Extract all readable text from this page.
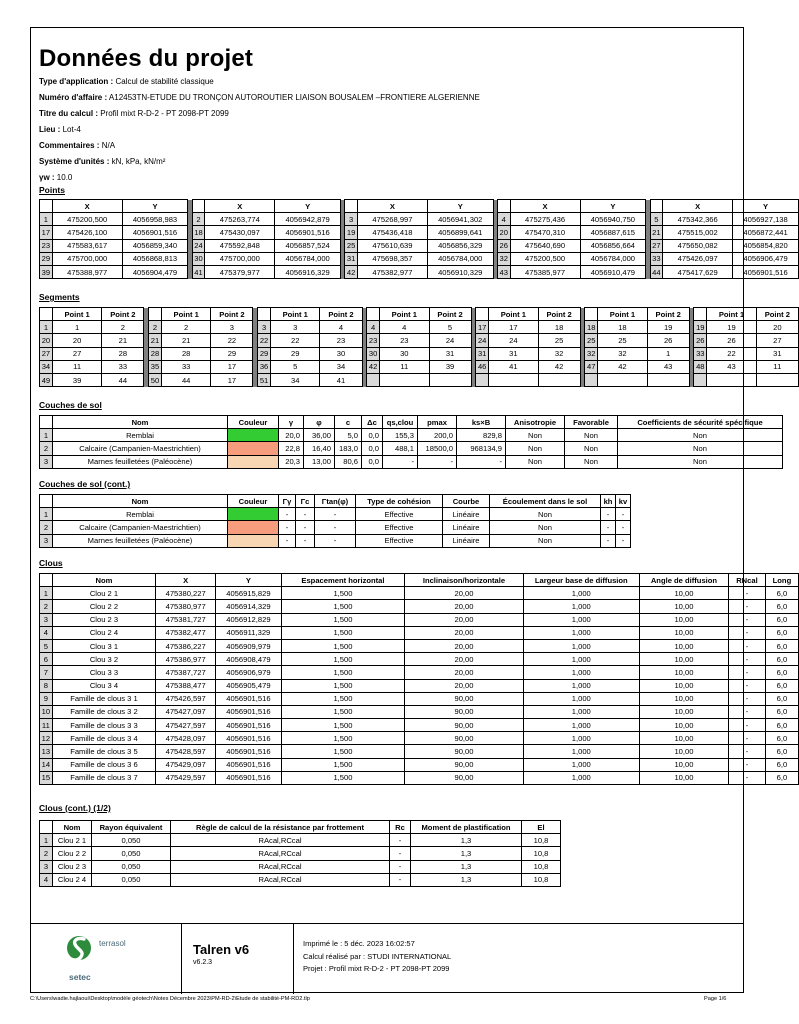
Données du projet
Type d'application : Calcul de stabilité classique
Numéro d'affaire : A12453TN-ETUDE DU TRONÇON AUTOROUTIER LIAISON BOUSALEM –FRONTIERE ALGERIENNE
Titre du calcul : Profil mixt R-D-2 - PT 2098-PT 2099
Lieu : Lot-4
Commentaires : N/A
Système d'unités : kN, kPa, kN/m²
γw : 10.0
Points
	X	Y			X	Y			X	Y			X	Y			X	Y
1	475200,500	4056958,983		2	475263,774	4056942,879		3	475268,997	4056941,302		4	475275,436	4056940,750		5	475342,366	4056927,138
17	475426,100	4056901,516		18	475430,097	4056901,516		19	475436,418	4056899,641		20	475470,310	4056887,615		21	475515,002	4056872,441
23	475583,617	4056859,340		24	475592,848	4056857,524		25	475610,639	4056856,329		26	475640,690	4056856,664		27	475650,082	4056854,820
29	475700,000	4056868,813		30	475700,000	4056784,000		31	475698,357	4056784,000		32	475200,500	4056784,000		33	475426,097	4056906,479
39	475388,977	4056904,479		41	475379,977	4056916,329		42	475382,977	4056910,329		43	475385,977	4056910,479		44	475417,629	4056901,516
Segments
	Point 1	Point 2			Point 1	Point 2			Point 1	Point 2			Point 1	Point 2			Point 1	Point 2			Point 1	Point 2			Point 1	Point 2
1	1	2		2	2	3		3	3	4		4	4	5		17	17	18		18	18	19		19	19	20
20	20	21		21	21	22		22	22	23		23	23	24		24	24	25		25	25	26		26	26	27
27	27	28		28	28	29		29	29	30		30	30	31		31	31	32		32	32	1		33	22	31
34	11	33		35	33	17		36	5	34		42	11	39		46	41	42		47	42	43		48	43	11
49	39	44		50	44	17		51	34	41																
Couches de sol
	Nom	Couleur	γ	φ	c	Δc	qs,clou	pmax	ks×B	Anisotropie	Favorable	Coefficients de sécurité spécifique
1	Remblai		20,0	36,00	5,0	0,0	155,3	200,0	829,8	Non	Non	Non
2	Calcaire (Campanien-Maestrichtien)		22,8	16,40	183,0	0,0	488,1	18500,0	968134,9	Non	Non	Non
3	Marnes feuilletées (Paléocène)		20,3	13,00	80,6	0,0	-	-	-	Non	Non	Non
Couches de sol (cont.)
	Nom	Couleur	Γγ	Γc	Γtan(φ)	Type de cohésion	Courbe	Écoulement dans le sol	kh	kv
1	Remblai		-	-	-	Effective	Linéaire	Non	-	-
2	Calcaire (Campanien-Maestrichtien)		-	-	-	Effective	Linéaire	Non	-	-
3	Marnes feuilletées (Paléocène)		-	-	-	Effective	Linéaire	Non	-	-
Clous
	Nom	X	Y	Espacement horizontal	Inclinaison/horizontale	Largeur base de diffusion	Angle de diffusion	RNcal	Long
1	Clou 2 1	475380,227	4056915,829	1,500	20,00	1,000	10,00	-	6,0
2	Clou 2 2	475380,977	4056914,329	1,500	20,00	1,000	10,00	-	6,0
3	Clou 2 3	475381,727	4056912,829	1,500	20,00	1,000	10,00	-	6,0
4	Clou 2 4	475382,477	4056911,329	1,500	20,00	1,000	10,00	-	6,0
5	Clou 3 1	475386,227	4056909,979	1,500	20,00	1,000	10,00	-	6,0
6	Clou 3 2	475386,977	4056908,479	1,500	20,00	1,000	10,00	-	6,0
7	Clou 3 3	475387,727	4056906,979	1,500	20,00	1,000	10,00	-	6,0
8	Clou 3 4	475388,477	4056905,479	1,500	20,00	1,000	10,00	-	6,0
9	Famille de clous 3 1	475426,597	4056901,516	1,500	90,00	1,000	10,00	-	6,0
10	Famille de clous 3 2	475427,097	4056901,516	1,500	90,00	1,000	10,00	-	6,0
11	Famille de clous 3 3	475427,597	4056901,516	1,500	90,00	1,000	10,00	-	6,0
12	Famille de clous 3 4	475428,097	4056901,516	1,500	90,00	1,000	10,00	-	6,0
13	Famille de clous 3 5	475428,597	4056901,516	1,500	90,00	1,000	10,00	-	6,0
14	Famille de clous 3 6	475429,097	4056901,516	1,500	90,00	1,000	10,00	-	6,0
15	Famille de clous 3 7	475429,597	4056901,516	1,500	90,00	1,000	10,00	-	6,0
Clous (cont.) (1/2)
	Nom	Rayon équivalent	Règle de calcul de la résistance par frottement	Rc	Moment de plastification	El
1	Clou 2 1	0,050	RAcal,RCcal	-	1,3	10,8
2	Clou 2 2	0,050	RAcal,RCcal	-	1,3	10,8
3	Clou 2 3	0,050	RAcal,RCcal	-	1,3	10,8
4	Clou 2 4	0,050	RAcal,RCcal	-	1,3	10,8
terrasol
setec
Talren v6
v6.2.3
Imprimé le : 5 déc. 2023 16:02:57
Calcul réalisé par : STUDI INTERNATIONAL
Projet : Profil mixt R-D-2 - PT 2098-PT 2099
C:\Users\wadie.hajlaoui\Desktop\modèle géotech\Notes Décembre 2023\PM-RD-2\Etude de stabilité-PM-RD2.tlp	Page 1/6
